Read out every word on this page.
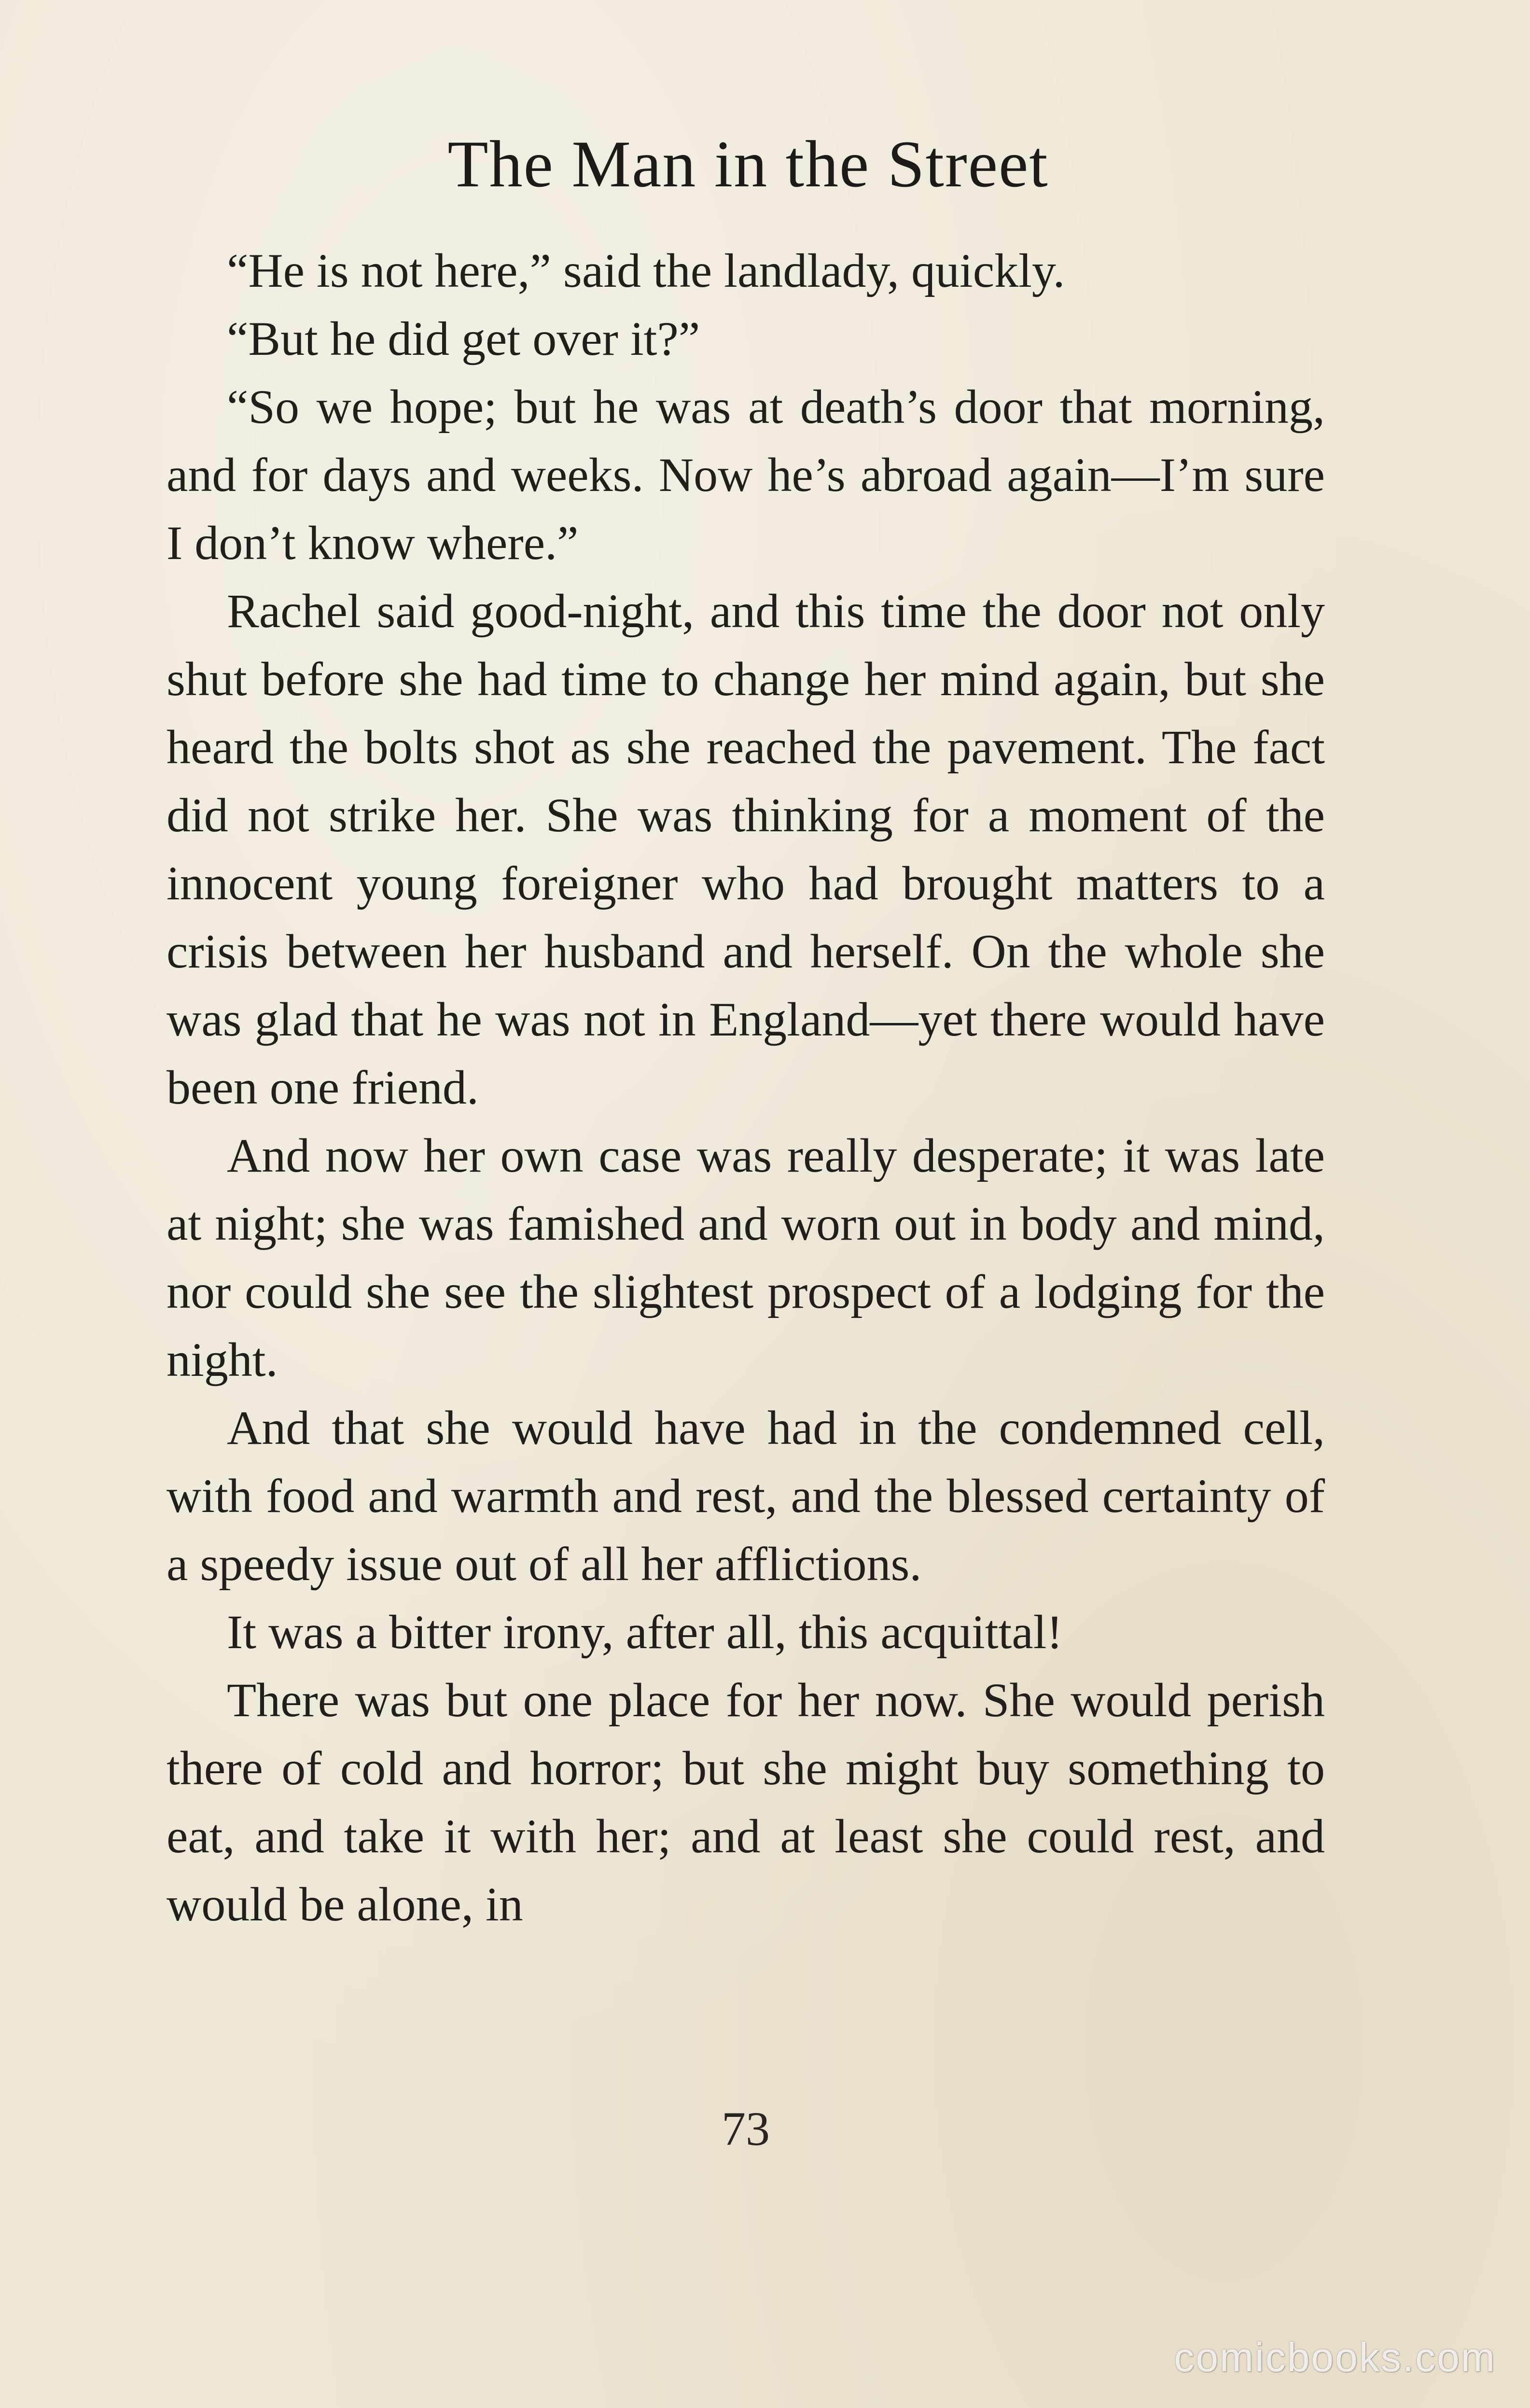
The Man in the Street

“He is not here,” said the landlady, quickly.

“But he did get over it?”

“So we hope; but he was at death’s door that morning, and for days and weeks. Now he’s abroad again—I’m sure I don’t know where.”

Rachel said good-night, and this time the door not only shut before she had time to change her mind again, but she heard the bolts shot as she reached the pavement. The fact did not strike her. She was thinking for a moment of the innocent young foreigner who had brought matters to a crisis between her husband and herself. On the whole she was glad that he was not in England—yet there would have been one friend.

And now her own case was really desperate; it was late at night; she was famished and worn out in body and mind, nor could she see the slightest prospect of a lodging for the night.

And that she would have had in the condemned cell, with food and warmth and rest, and the blessed certainty of a speedy issue out of all her afflictions.

It was a bitter irony, after all, this acquittal!

There was but one place for her now. She would perish there of cold and horror; but she might buy something to eat, and take it with her; and at least she could rest, and would be alone, in

73
comicbooks.com
